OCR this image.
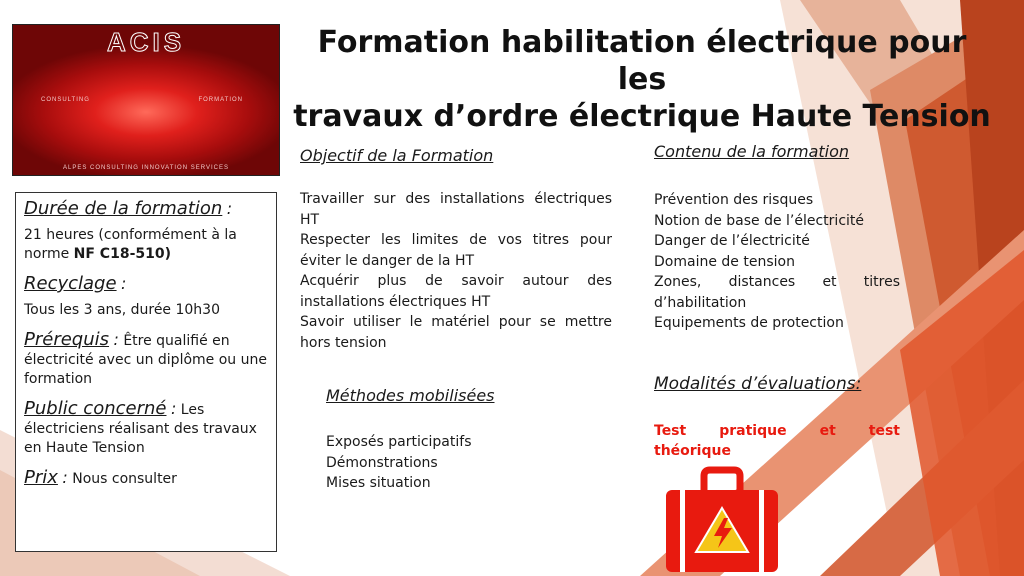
ACIS
CONSULTING	FORMATION
ALPES CONSULTING INNOVATION SERVICES
Formation habilitation électrique pour les
travaux d’ordre électrique Haute Tension

Durée de la formation :

21 heures (conformément à la norme NF C18-510)

Recyclage :

Tous les 3 ans, durée 10h30

Prérequis : Être qualifié en électricité avec un diplôme ou une formation

Public concerné : Les électriciens réalisant des travaux en Haute Tension

Prix : Nous consulter

Objectif de la Formation

Travailler sur des installations électriques HT

Respecter les limites de vos titres pour éviter le danger de la HT

Acquérir plus de savoir autour des installations électriques HT

Savoir utiliser le matériel pour se mettre hors tension

Méthodes mobilisées

Exposés participatifs

Démonstrations

Mises situation

Contenu de la formation

Prévention des risques

Notion de base de l’électricité

Danger de l’électricité

Domaine de tension

Zones, distances et titres

d’habilitation

Equipements de protection

Modalités d’évaluations:
Test pratique et test
théorique
